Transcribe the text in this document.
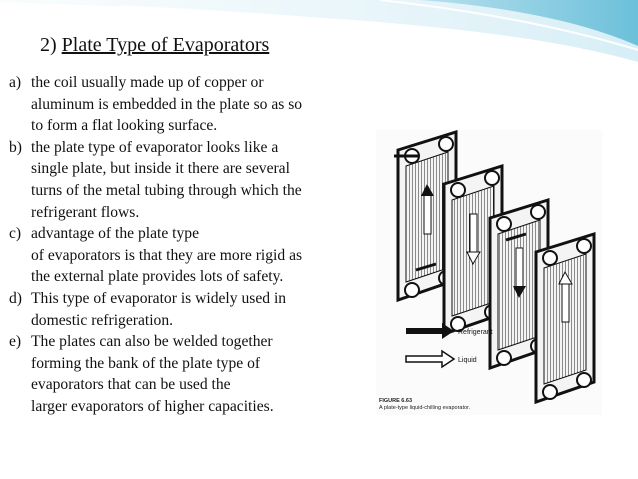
2) Plate Type of Evaporators
a) the coil usually made up of copper or
aluminum is embedded in the plate so as so
to form a flat looking surface.
b) the plate type of evaporator looks like a
single plate, but inside it there are several
turns of the metal tubing through which the
refrigerant flows.
c) advantage of the plate type
of evaporators is that they are more rigid as
the external plate provides lots of safety.
d) This type of evaporator is widely used in
domestic refrigeration.
e) The plates can also be welded together
forming the bank of the plate type of
evaporators that can be used the
larger evaporators of higher capacities.
Refrigerant
Liquid
FIGURE 6.63
A plate-type liquid-chilling evaporator.
